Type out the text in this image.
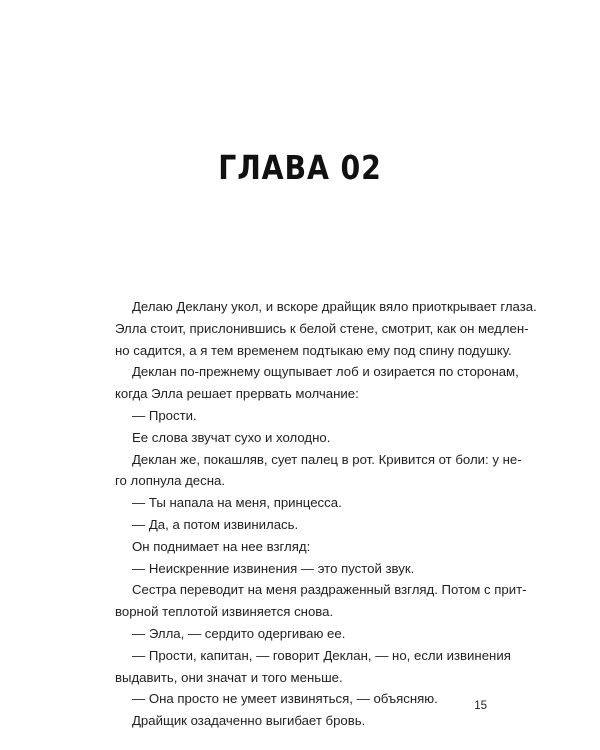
ГЛАВА 02
Делаю Деклану укол, и вскоре драйщик вяло приоткрывает глаза.
Элла стоит, прислонившись к белой стене, смотрит, как он медлен-
но садится, а я тем временем подтыкаю ему под спину подушку.
Деклан по-прежнему ощупывает лоб и озирается по сторонам,
когда Элла решает прервать молчание:
— Прости.
Ее слова звучат сухо и холодно.
Деклан же, покашляв, сует палец в рот. Кривится от боли: у не-
го лопнула десна.
— Ты напала на меня, принцесса.
— Да, а потом извинилась.
Он поднимает на нее взгляд:
— Неискренние извинения — это пустой звук.
Сестра переводит на меня раздраженный взгляд. Потом с прит-
ворной теплотой извиняется снова.
— Элла, — сердито одергиваю ее.
— Прости, капитан, — говорит Деклан, — но, если извинения
выдавить, они значат и того меньше.
— Она просто не умеет извиняться, — объясняю.
Драйщик озадаченно выгибает бровь.
15
